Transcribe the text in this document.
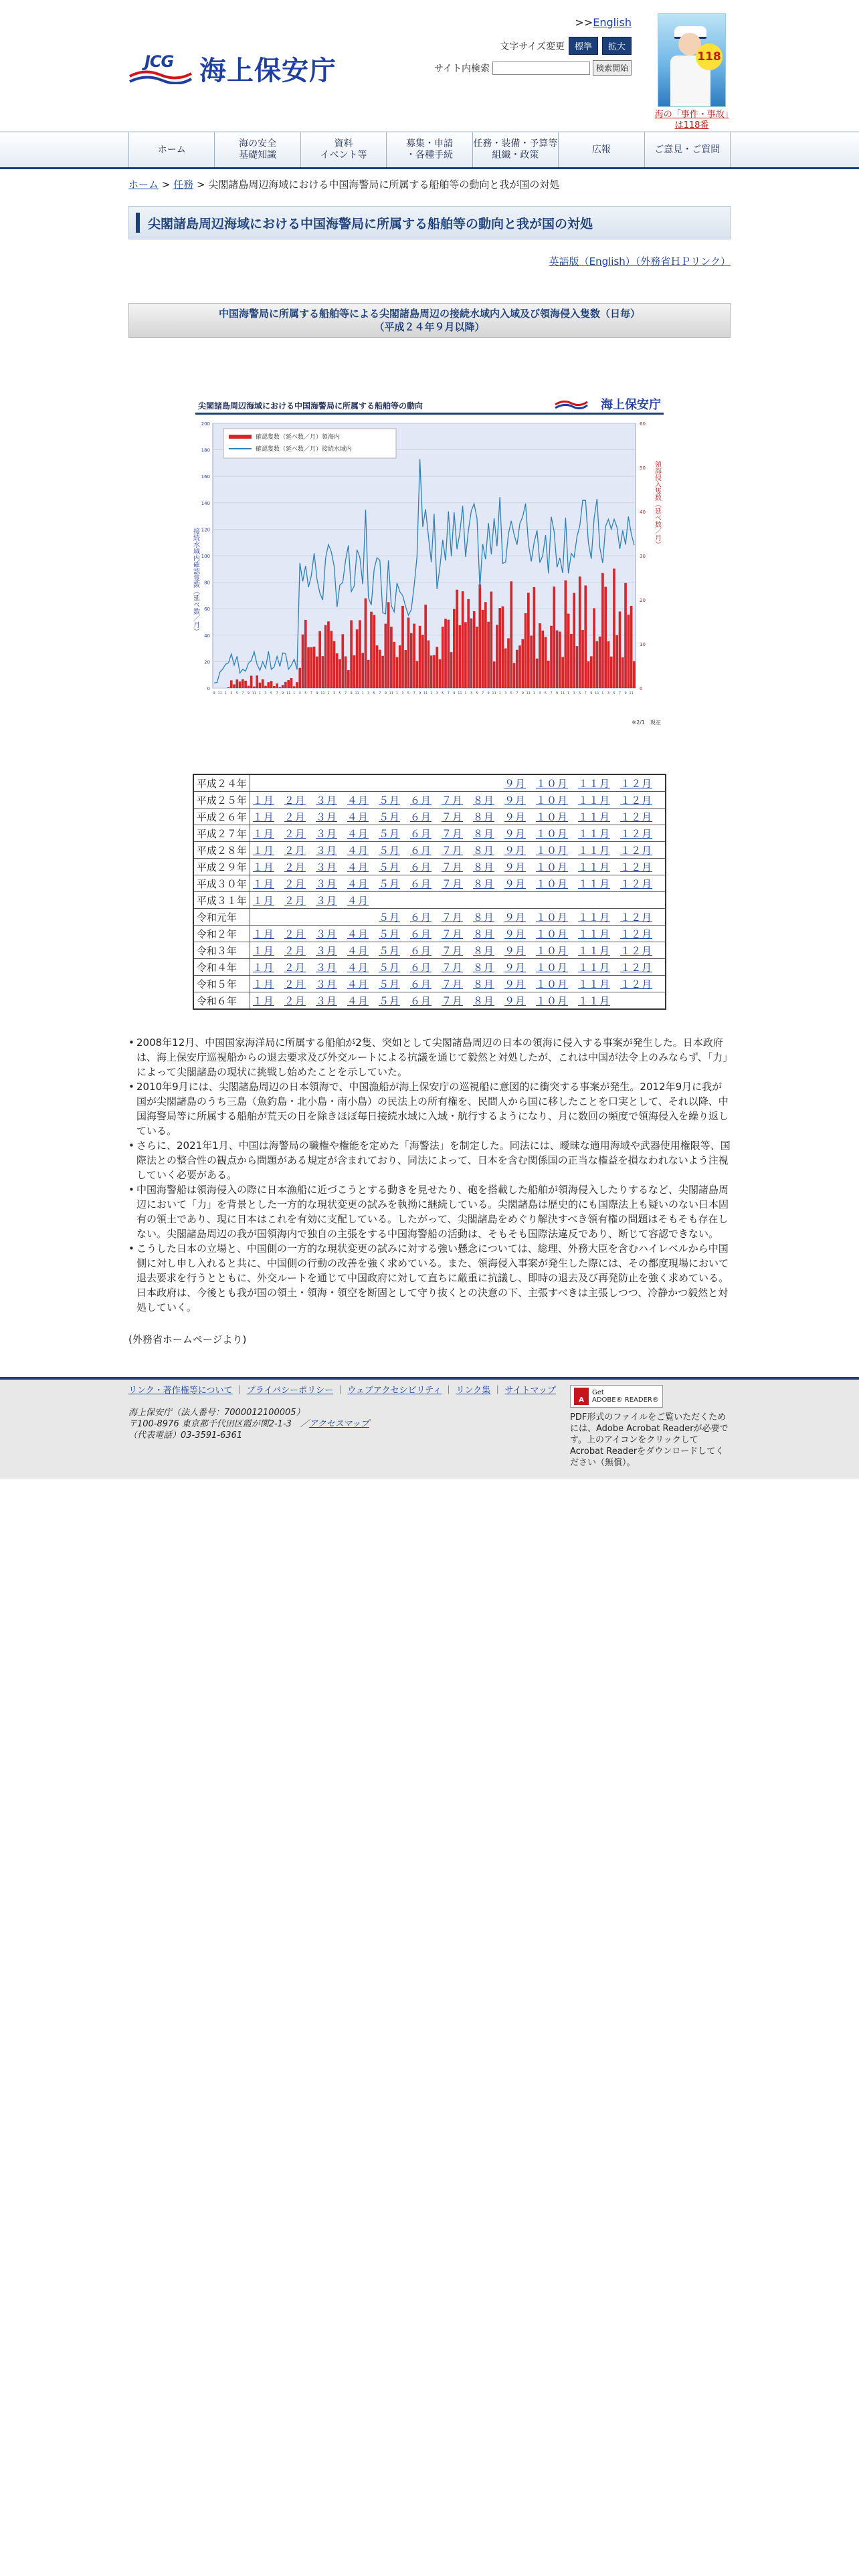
JCG 海上保安庁
>>English
文字サイズ変更	標準	拡大
サイト内検索	検索開始
118
海の「事件・事故」は118番
ホーム
海の安全
基礎知識
資料
イベント等
募集・申請
・各種手続
任務・装備・予算等
組織・政策
広報	ご意見・ご質問
ホーム > 任務 > 尖閣諸島周辺海域における中国海警局に所属する船舶等の動向と我が国の対処
尖閣諸島周辺海域における中国海警局に所属する船舶等の動向と我が国の対処
英語版（English）（外務省ＨＰリンク）
中国海警局に所属する船舶等による尖閣諸島周辺の接続水域内入域及び領海侵入隻数（日毎）
（平成２４年９月以降）
尖閣諸島周辺海域における中国海警局に所属する船舶等の動向	海上保安庁
0
20
40
60
80
100
120
140
160
180
200
0
10
20
30
40
50
60
9 11 1 3 5 7 9 11 1 3 5 7 9 11 1 3 5 7 9 11 1 3 5 7 9 11 1 3 5 7 9 11 1 3 5 7 9 11 1 3 5 7 9 11 1 3 5 7 9 11 1 3 5 7 9 11 1 3 5 7 9 11 1 3 5 7 9 11 1 3 5 7 9 11
確認隻数（延べ数／月）領海内
確認隻数（延べ数／月）接続水域内
接続水域内確認隻数（延べ数／月）
領海侵入隻数（延べ数／月）
※2/1　現在
平成２４年	９月 １０月 １１月 １２月
平成２５年	１月 ２月 ３月 ４月 ５月 ６月 ７月 ８月 ９月 １０月 １１月 １２月
平成２６年	１月 ２月 ３月 ４月 ５月 ６月 ７月 ８月 ９月 １０月 １１月 １２月
平成２７年	１月 ２月 ３月 ４月 ５月 ６月 ７月 ８月 ９月 １０月 １１月 １２月
平成２８年	１月 ２月 ３月 ４月 ５月 ６月 ７月 ８月 ９月 １０月 １１月 １２月
平成２９年	１月 ２月 ３月 ４月 ５月 ６月 ７月 ８月 ９月 １０月 １１月 １２月
平成３０年	１月 ２月 ３月 ４月 ５月 ６月 ７月 ８月 ９月 １０月 １１月 １２月
平成３１年	１月 ２月 ３月 ４月
令和元年	５月 ６月 ７月 ８月 ９月 １０月 １１月 １２月
令和２年	１月 ２月 ３月 ４月 ５月 ６月 ７月 ８月 ９月 １０月 １１月 １２月
令和３年	１月 ２月 ３月 ４月 ５月 ６月 ７月 ８月 ９月 １０月 １１月 １２月
令和４年	１月 ２月 ３月 ４月 ５月 ６月 ７月 ８月 ９月 １０月 １１月 １２月
令和５年	１月 ２月 ３月 ４月 ５月 ６月 ７月 ８月 ９月 １０月 １１月 １２月
令和６年	１月 ２月 ３月 ４月 ５月 ６月 ７月 ８月 ９月 １０月 １１月
• 2008年12月、中国国家海洋局に所属する船舶が2隻、突如として尖閣諸島周辺の日本の領海に侵入する事案が発生した。日本政府は、海上保安庁巡視船からの退去要求及び外交ルートによる抗議を通じて毅然と対処したが、これは中国が法令上のみならず、「力」によって尖閣諸島の現状に挑戦し始めたことを示していた。
• 2010年9月には、尖閣諸島周辺の日本領海で、中国漁船が海上保安庁の巡視船に意図的に衝突する事案が発生。2012年9月に我が国が尖閣諸島のうち三島（魚釣島・北小島・南小島）の民法上の所有権を、民間人から国に移したことを口実として、それ以降、中国海警局等に所属する船舶が荒天の日を除きほぼ毎日接続水域に入域・航行するようになり、月に数回の頻度で領海侵入を繰り返している。
• さらに、2021年1月、中国は海警局の職権や権能を定めた「海警法」を制定した。同法には、曖昧な適用海域や武器使用権限等、国際法との整合性の観点から問題がある規定が含まれており、同法によって、日本を含む関係国の正当な権益を損なわれないよう注視していく必要がある。
• 中国海警船は領海侵入の際に日本漁船に近づこうとする動きを見せたり、砲を搭載した船舶が領海侵入したりするなど、尖閣諸島周辺において「力」を背景とした一方的な現状変更の試みを執拗に継続している。尖閣諸島は歴史的にも国際法上も疑いのない日本固有の領土であり、現に日本はこれを有効に支配している。したがって、尖閣諸島をめぐり解決すべき領有権の問題はそもそも存在しない。尖閣諸島周辺の我が国領海内で独自の主張をする中国海警船の活動は、そもそも国際法違反であり、断じて容認できない。
• こうした日本の立場と、中国側の一方的な現状変更の試みに対する強い懸念については、総理、外務大臣を含むハイレベルから中国側に対し申し入れると共に、中国側の行動の改善を強く求めている。また、領海侵入事案が発生した際には、その都度現場において退去要求を行うとともに、外交ルートを通じて中国政府に対して直ちに厳重に抗議し、即時の退去及び再発防止を強く求めている。日本政府は、今後とも我が国の領土・領海・領空を断固として守り抜くとの決意の下、主張すべきは主張しつつ、冷静かつ毅然と対処していく。
(外務省ホームページより)
リンク・著作権等について ｜ プライバシーポリシー ｜ ウェブアクセシビリティ ｜ リンク集 ｜ サイトマップ
海上保安庁（法人番号：7000012100005）
〒100-8976 東京都千代田区霞が関2-1-3　／アクセスマップ
（代表電話）03-3591-6361
A
Get
ADOBE® READER®
PDF形式のファイルをご覧いただくためには、Adobe Acrobat Readerが必要です。上のアイコンをクリックしてAcrobat Readerをダウンロードしてください（無償）。
